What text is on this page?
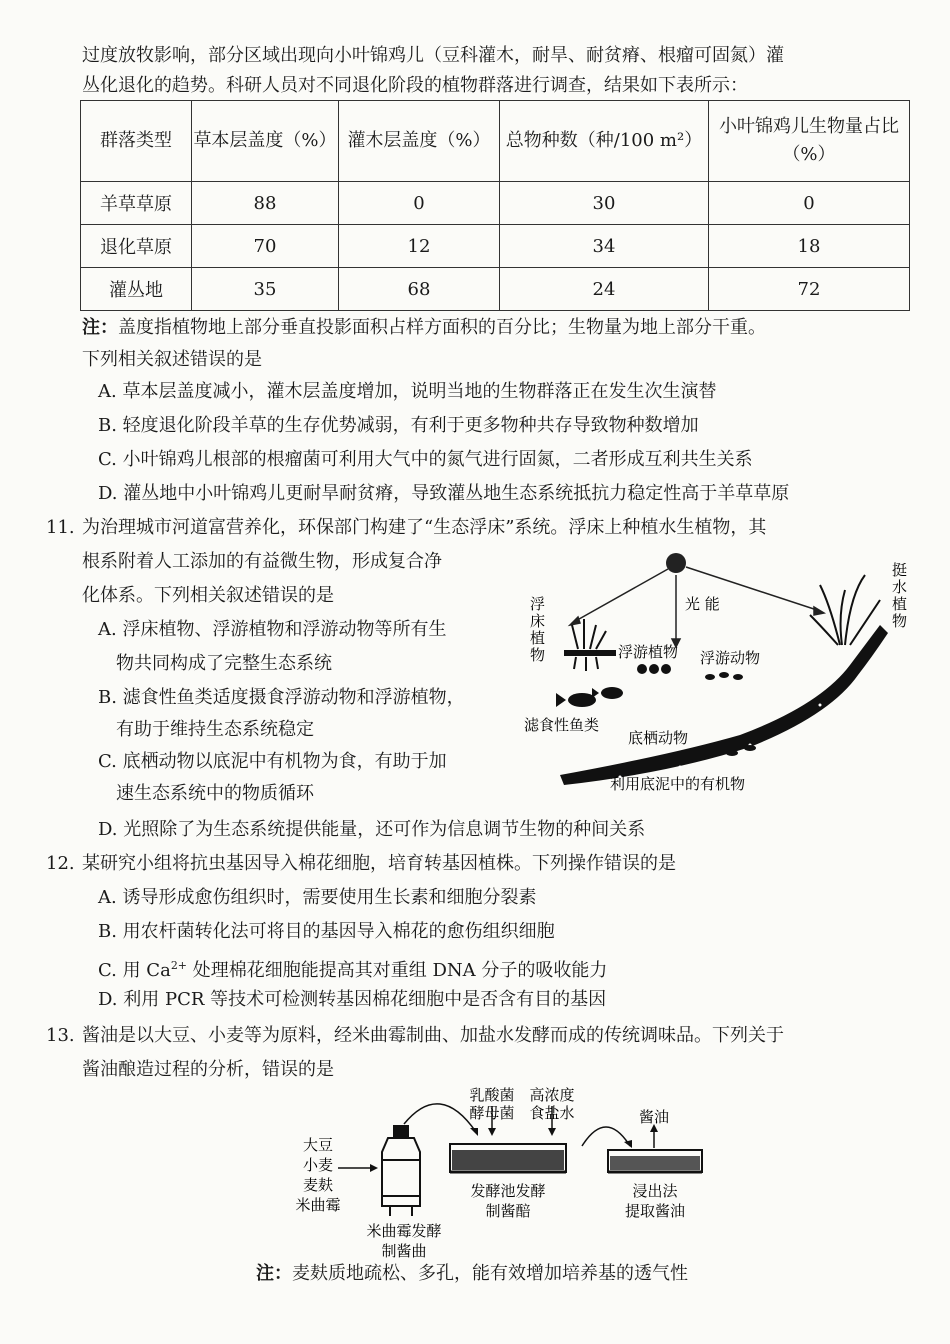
过度放牧影响，部分区域出现向小叶锦鸡儿（豆科灌木，耐旱、耐贫瘠、根瘤可固氮）灌
丛化退化的趋势。科研人员对不同退化阶段的植物群落进行调查，结果如下表所示：
群落类型	草本层盖度（%）	灌木层盖度（%）	总物种数（种/100 m²）	小叶锦鸡儿生物量占比（%）
羊草草原	88	0	30	0
退化草原	70	12	34	18
灌丛地	35	68	24	72
注：盖度指植物地上部分垂直投影面积占样方面积的百分比；生物量为地上部分干重。
下列相关叙述错误的是
A. 草本层盖度减小，灌木层盖度增加，说明当地的生物群落正在发生次生演替
B. 轻度退化阶段羊草的生存优势减弱，有利于更多物种共存导致物种数增加
C. 小叶锦鸡儿根部的根瘤菌可利用大气中的氮气进行固氮，二者形成互利共生关系
D. 灌丛地中小叶锦鸡儿更耐旱耐贫瘠，导致灌丛地生态系统抵抗力稳定性高于羊草草原
11. 为治理城市河道富营养化，环保部门构建了“生态浮床”系统。浮床上种植水生植物，其
根系附着人工添加的有益微生物，形成复合净
化体系。下列相关叙述错误的是
A. 浮床植物、浮游植物和浮游动物等所有生
物共同构成了完整生态系统
B. 滤食性鱼类适度摄食浮游动物和浮游植物，
有助于维持生态系统稳定
C. 底栖动物以底泥中有机物为食，有助于加
速生态系统中的物质循环
D. 光照除了为生态系统提供能量，还可作为信息调节生物的种间关系
浮床植物
光 能
挺水植物
浮游植物 浮游动物
滤食性鱼类
底栖动物
利用底泥中的有机物
12. 某研究小组将抗虫基因导入棉花细胞，培育转基因植株。下列操作错误的是
A. 诱导形成愈伤组织时，需要使用生长素和细胞分裂素
B. 用农杆菌转化法可将目的基因导入棉花的愈伤组织细胞
C. 用 $Ca^{2+}$ 处理棉花细胞能提高其对重组 DNA 分子的吸收能力
D. 利用 PCR 等技术可检测转基因棉花细胞中是否含有目的基因
13. 酱油是以大豆、小麦等为原料，经米曲霉制曲、加盐水发酵而成的传统调味品。下列关于
酱油酿造过程的分析，错误的是
大豆
小麦
麦麸
米曲霉
乳酸菌
酵母菌
高浓度
食盐水	酱油
米曲霉发酵
制酱曲
发酵池发酵
制酱醅
浸出法
提取酱油
注：麦麸质地疏松、多孔，能有效增加培养基的透气性
